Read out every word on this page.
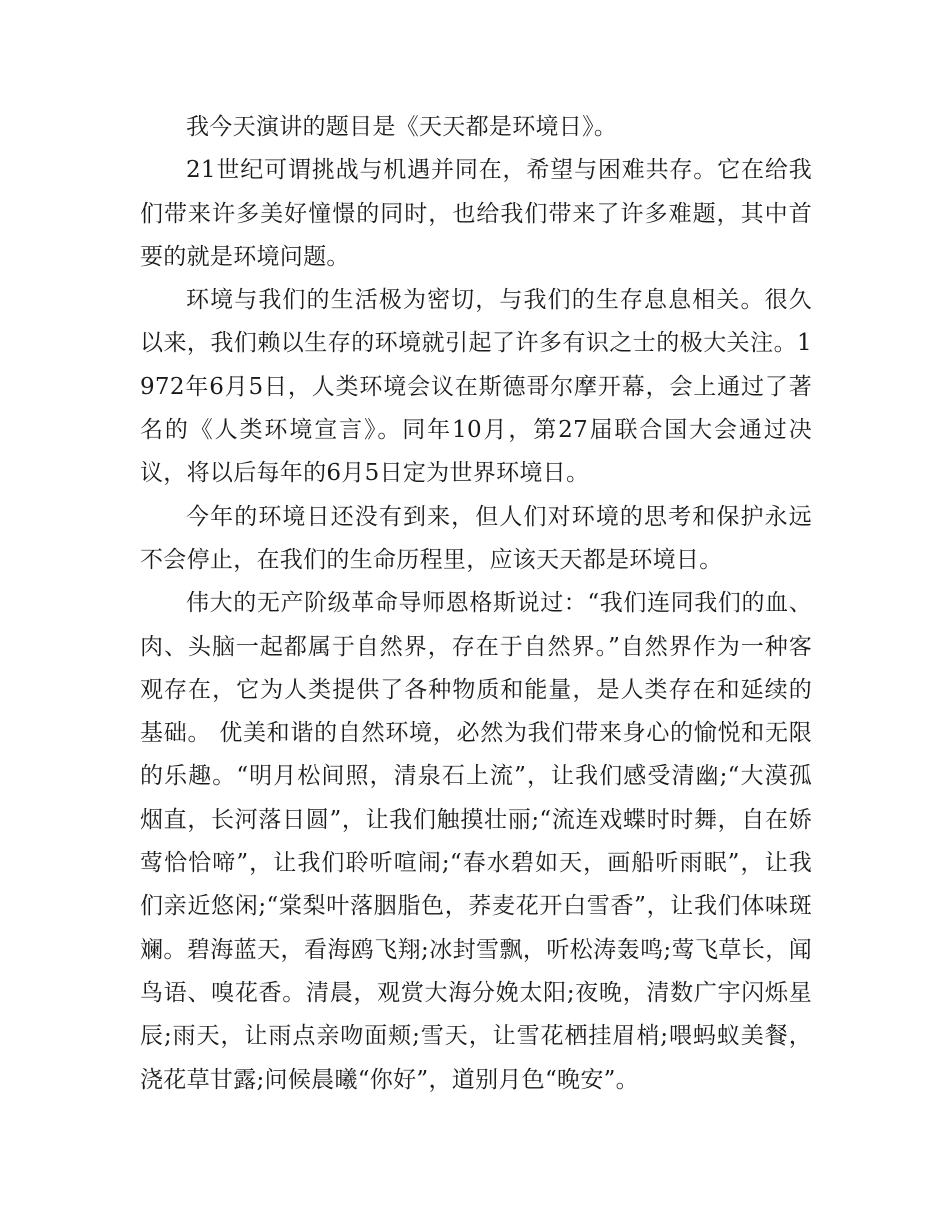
我今天演讲的题目是《天天都是环境日》。

21世纪可谓挑战与机遇并同在，希望与困难共存。它在给我们带来许多美好憧憬的同时，也给我们带来了许多难题，其中首要的就是环境问题。

环境与我们的生活极为密切，与我们的生存息息相关。很久以来，我们赖以生存的环境就引起了许多有识之士的极大关注。1972年6月5日，人类环境会议在斯德哥尔摩开幕，会上通过了著名的《人类环境宣言》。同年10月，第27届联合国大会通过决议，将以后每年的6月5日定为世界环境日。

今年的环境日还没有到来，但人们对环境的思考和保护永远不会停止，在我们的生命历程里，应该天天都是环境日。

伟大的无产阶级革命导师恩格斯说过：“我们连同我们的血、肉、头脑一起都属于自然界，存在于自然界。”自然界作为一种客观存在，它为人类提供了各种物质和能量，是人类存在和延续的基础。 优美和谐的自然环境，必然为我们带来身心的愉悦和无限的乐趣。“明月松间照，清泉石上流”，让我们感受清幽;“大漠孤烟直，长河落日圆”，让我们触摸壮丽;“流连戏蝶时时舞，自在娇莺恰恰啼”，让我们聆听喧闹;“春水碧如天，画船听雨眠”，让我们亲近悠闲;“棠梨叶落胭脂色，荞麦花开白雪香”，让我们体味斑斓。碧海蓝天，看海鸥飞翔;冰封雪飘，听松涛轰鸣;莺飞草长，闻鸟语、嗅花香。清晨，观赏大海分娩太阳;夜晚，清数广宇闪烁星辰;雨天，让雨点亲吻面颊;雪天，让雪花栖挂眉梢;喂蚂蚁美餐，浇花草甘露;问候晨曦“你好”，道别月色“晚安”。
